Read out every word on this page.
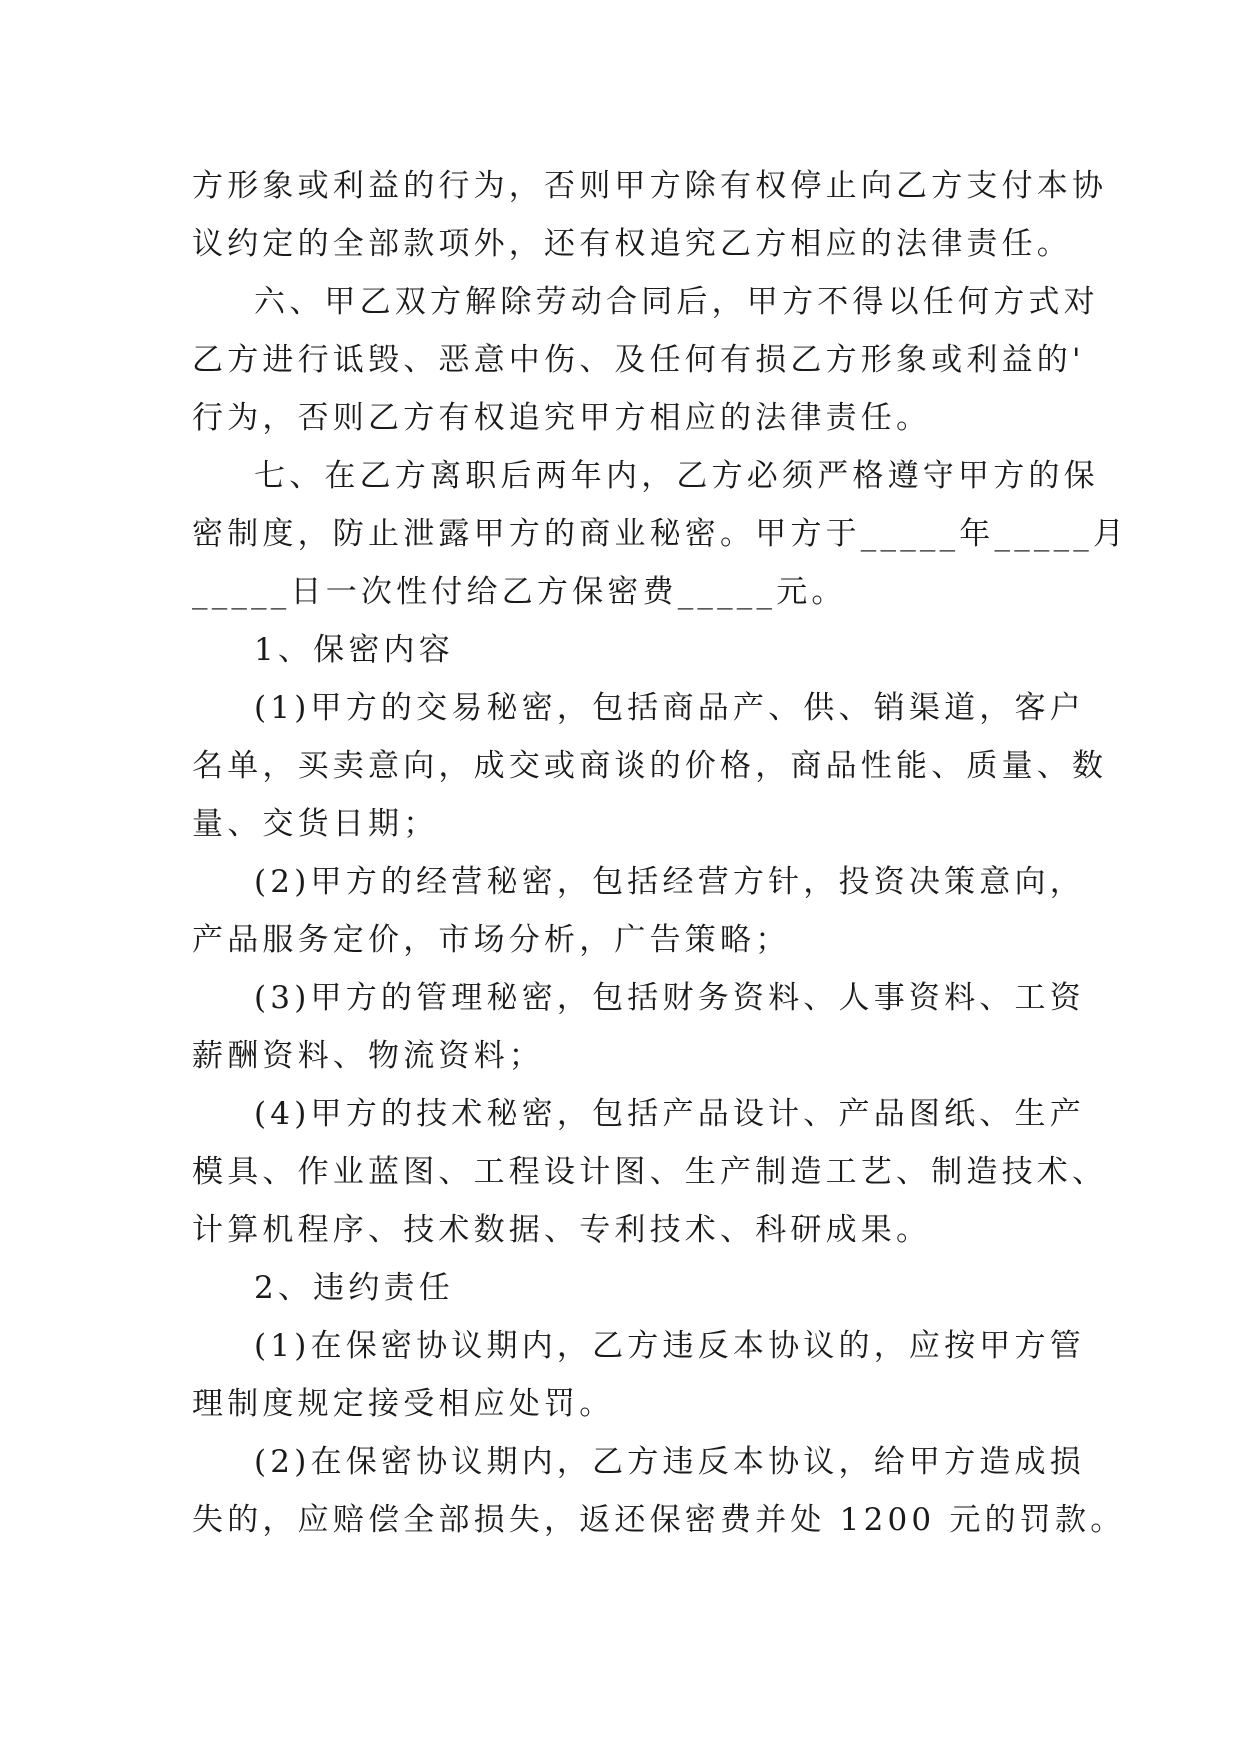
方形象或利益的行为，否则甲方除有权停止向乙方支付本协
议约定的全部款项外，还有权追究乙方相应的法律责任。
六、甲乙双方解除劳动合同后，甲方不得以任何方式对
乙方进行诋毁、恶意中伤、及任何有损乙方形象或利益的'
行为，否则乙方有权追究甲方相应的法律责任。
七、在乙方离职后两年内，乙方必须严格遵守甲方的保
密制度，防止泄露甲方的商业秘密。甲方于_____年_____月
_____日一次性付给乙方保密费_____元。
1、保密内容
(1)甲方的交易秘密，包括商品产、供、销渠道，客户
名单，买卖意向，成交或商谈的价格，商品性能、质量、数
量、交货日期；
(2)甲方的经营秘密，包括经营方针，投资决策意向，
产品服务定价，市场分析，广告策略；
(3)甲方的管理秘密，包括财务资料、人事资料、工资
薪酬资料、物流资料；
(4)甲方的技术秘密，包括产品设计、产品图纸、生产
模具、作业蓝图、工程设计图、生产制造工艺、制造技术、
计算机程序、技术数据、专利技术、科研成果。
2、违约责任
(1)在保密协议期内，乙方违反本协议的，应按甲方管
理制度规定接受相应处罚。
(2)在保密协议期内，乙方违反本协议，给甲方造成损
失的，应赔偿全部损失，返还保密费并处 1200 元的罚款。
